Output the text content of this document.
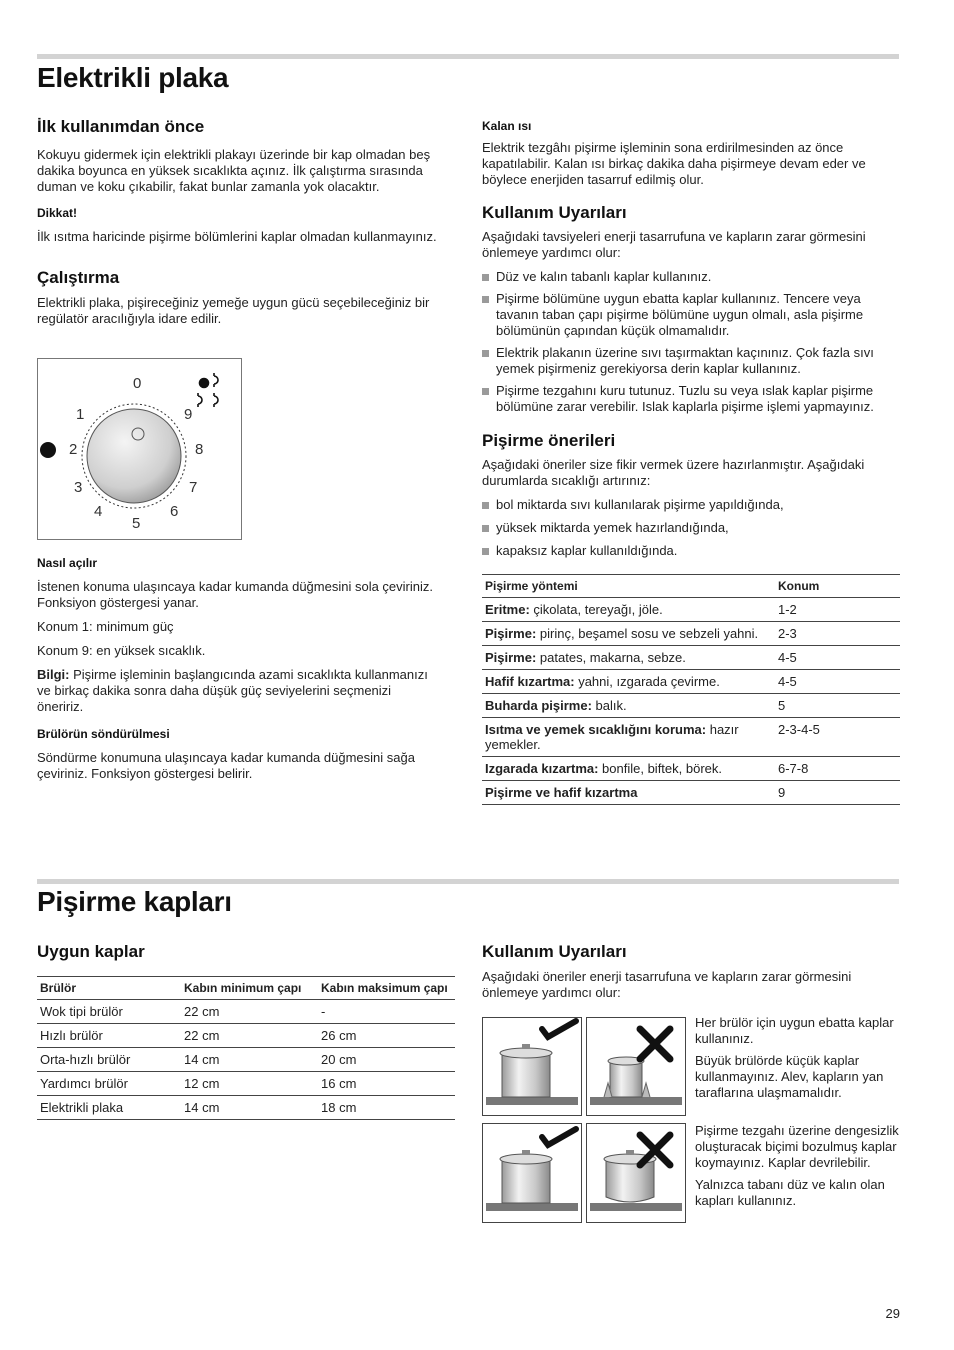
Elektrikli plaka
İlk kullanımdan önce

Kokuyu gidermek için elektrikli plakayı üzerinde bir kap olmadan beş dakika boyunca en yüksek sıcaklıkta açınız. İlk çalıştırma sırasında duman ve koku çıkabilir, fakat bunlar zamanla yok olacaktır.

Dikkat!

İlk ısıtma haricinde pişirme bölümlerini kaplar olmadan kullanmayınız.

Çalıştırma

Elektrikli plaka, pişireceğiniz yemeğe uygun gücü seçebileceğiniz bir regülatör aracılığıyla idare edilir.

0
1
2
3
4
5
6
7
8
9
Nasıl açılır

İstenen konuma ulaşıncaya kadar kumanda düğmesini sola çeviriniz. Fonksiyon göstergesi yanar.

Konum 1: minimum güç

Konum 9: en yüksek sıcaklık.

Bilgi: Pişirme işleminin başlangıcında azami sıcaklıkta kullanmanızı ve birkaç dakika sonra daha düşük güç seviyelerini seçmenizi öneririz.

Brülörün söndürülmesi

Söndürme konumuna ulaşıncaya kadar kumanda düğmesini sağa çeviriniz. Fonksiyon göstergesi belirir.

Kalan ısı

Elektrik tezgâhı pişirme işleminin sona erdirilmesinden az önce kapatılabilir. Kalan ısı birkaç dakika daha pişirmeye devam eder ve böylece enerjiden tasarruf edilmiş olur.

Kullanım Uyarıları

Aşağıdaki tavsiyeleri enerji tasarrufuna ve kapların zarar görmesini önlemeye yardımcı olur:

Düz ve kalın tabanlı kaplar kullanınız.
Pişirme bölümüne uygun ebatta kaplar kullanınız. Tencere veya tavanın taban çapı pişirme bölümüne uygun olmalı, asla pişirme bölümünün çapından küçük olmamalıdır.
Elektrik plakanın üzerine sıvı taşırmaktan kaçınınız. Çok fazla sıvı yemek pişirmeniz gerekiyorsa derin kaplar kullanınız.
Pişirme tezgahını kuru tutunuz. Tuzlu su veya ıslak kaplar pişirme bölümüne zarar verebilir. Islak kaplarla pişirme işlemi yapmayınız.
Pişirme önerileri

Aşağıdaki öneriler size fikir vermek üzere hazırlanmıştır. Aşağıdaki durumlarda sıcaklığı artırınız:

bol miktarda sıvı kullanılarak pişirme yapıldığında,
yüksek miktarda yemek hazırlandığında,
kapaksız kaplar kullanıldığında.
Pişirme yöntemi	Konum
Eritme: çikolata, tereyağı, jöle.	1-2
Pişirme: pirinç, beşamel sosu ve sebzeli yahni.	2-3
Pişirme: patates, makarna, sebze.	4-5
Hafif kızartma: yahni, ızgarada çevirme.	4-5
Buharda pişirme: balık.	5
Isıtma ve yemek sıcaklığını koruma: hazır yemekler.	2-3-4-5
Izgarada kızartma: bonfile, biftek, börek.	6-7-8
Pişirme ve hafif kızartma	9
Pişirme kapları
Uygun kaplar
Brülör	Kabın minimum çapı	Kabın maksimum çapı
Wok tipi brülör	22 cm	-
Hızlı brülör	22 cm	26 cm
Orta-hızlı brülör	14 cm	20 cm
Yardımcı brülör	12 cm	16 cm
Elektrikli plaka	14 cm	18 cm
Kullanım Uyarıları

Aşağıdaki öneriler enerji tasarrufuna ve kapların zarar görmesini önlemeye yardımcı olur:

Her brülör için uygun ebatta kaplar kullanınız.

Büyük brülörde küçük kaplar kullanmayınız. Alev, kapların yan taraflarına ulaşmamalıdır.

Pişirme tezgahı üzerine dengesizlik oluşturacak biçimi bozulmuş kaplar koymayınız. Kaplar devrilebilir.

Yalnızca tabanı düz ve kalın olan kapları kullanınız.

29
